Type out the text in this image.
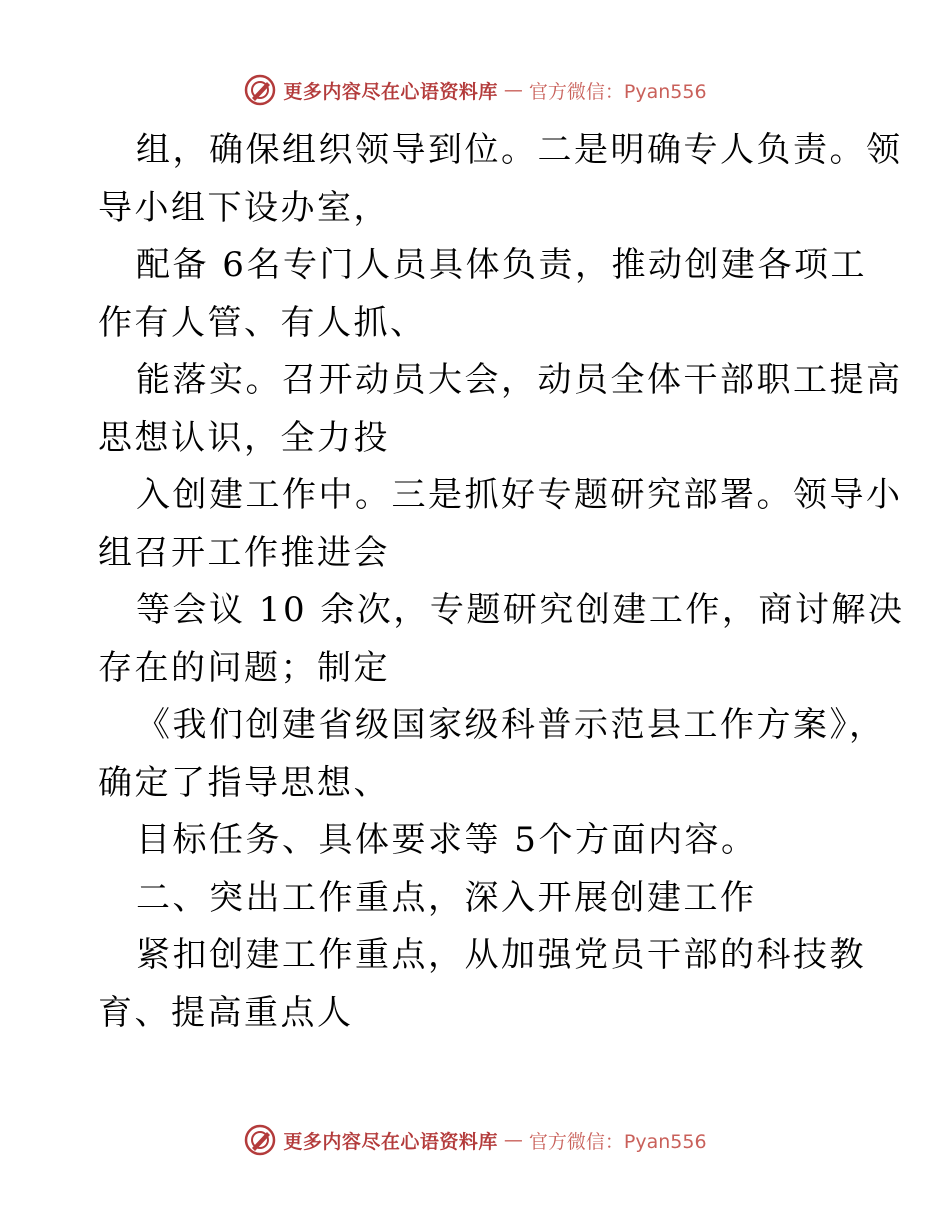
更多内容尽在心语资料库 — 官方微信：Pyan556

组，确保组织领导到位。二是明确专人负责。领

导小组下设办室，

配备 6名专门人员具体负责，推动创建各项工

作有人管、有人抓、

能落实。召开动员大会，动员全体干部职工提高

思想认识，全力投

入创建工作中。三是抓好专题研究部署。领导小

组召开工作推进会

等会议 10 余次，专题研究创建工作，商讨解决

存在的问题；制定

《我们创建省级国家级科普示范县工作方案》，

确定了指导思想、

目标任务、具体要求等 5个方面内容。

二、突出工作重点，深入开展创建工作

紧扣创建工作重点，从加强党员干部的科技教

育、提高重点人

更多内容尽在心语资料库 — 官方微信：Pyan556
